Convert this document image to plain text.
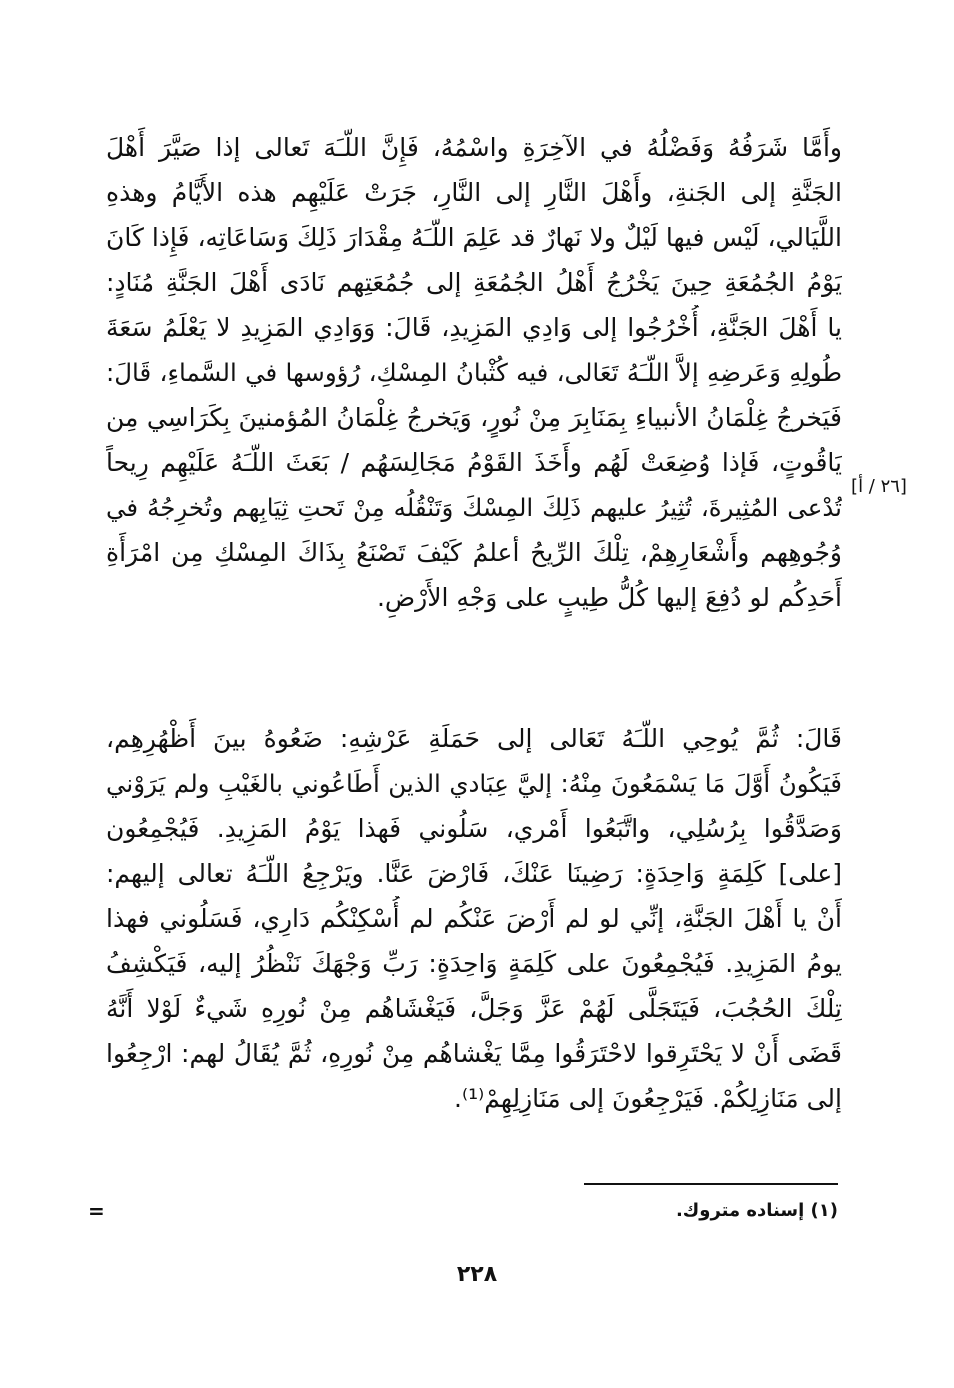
وأَمَّا شَرَفُهُ وَفَضْلُهُ في الآخِرَةِ واسْمُهُ، فَإِنَّ اللّـَهَ تَعالى إذا صَيَّرَ أَهْلَ
الجَنَّةِ إلى الجَنةِ، وأَهْلَ النَّارِ إلى النَّارِ، جَرَتْ عَلَيْهِم هذه الأَيَّامُ وهذهِ
اللَّيَالي، لَيْس فيها لَيْلٌ ولا نَهارٌ قد عَلِمَ اللّـَهُ مِقْدَارَ ذَلِكَ وَسَاعَاتِه، فَإِذا كَانَ
يَوْمُ الجُمُعَةِ حِينَ يَخْرُجُ أَهْلُ الجُمُعَةِ إلى جُمُعَتِهم نَادَى أَهْلَ الجَنَّةِ مُنَادٍ:
يا أَهْلَ الجَنَّةِ، أُخْرُجُوا إلى وَادِي المَزِيدِ، قَالَ: وَوَادِي المَزِيدِ لا يَعْلَمُ سَعَةَ
طُولِهِ وَعَرضِهِ إلاَّ اللّـَهُ تَعَالى، فيه كُثْبانُ المِسْكِ، رُؤوسها في السَّماءِ، قَالَ:
فَيَخرجُ غِلْمَانُ الأنبياءِ بِمَنَابِرَ مِنْ نُورٍ، وَيَخرجُ غِلْمَانُ المُؤمنينَ بِكَرَاسِي مِن
يَاقُوتٍ، فَإذا وُضِعَتْ لَهُم وأَخَذَ القَوْمُ مَجَالِسَهُم / بَعَثَ اللّـَهُ عَلَيْهِم رِيحاً
تُدْعى المُثِيرةَ، تُثِيرُ عليهم ذَلِكَ المِسْكَ وَتَنْقُلُه مِنْ تَحتِ ثِيَابِهم وتُخرِجُهُ في
وُجُوهِهم وأَشْعَارِهِمْ، تِلْكَ الرِّيحُ أعلمُ كَيْفَ تَصْنَعُ بِذَاكَ المِسْكِ مِن امْرَأَةِ
أَحَدِكُم لو دُفِعَ إليها كُلُّ طِيبٍ على وَجْهِ الأَرْضِ.
[٢٦ / أ]
قَالَ: ثُمَّ يُوحِي اللّـَهُ تَعَالى إلى حَمَلَةِ عَرْشِهِ: ضَعُوهُ بينَ أَظْهُرِهِم،
فَيَكُونُ أَوَّلَ مَا يَسْمَعُونَ مِنْهُ: إليَّ عِبَادي الذين أَطَاعُوني بالغَيْبِ ولم يَرَوْني
وَصَدَّقُوا بِرُسُلِي، واتَّبَعُوا أَمْري، سَلُوني فَهذا يَوْمُ المَزِيدِ. فَيُجْمِعُون
[على] كَلِمَةٍ وَاحِدَةٍ: رَضِينَا عَنْكَ، فَارْضَ عَنَّا. ويَرْجِعُ اللّـَهُ تعالى إليهم:
أَنْ يا أَهْلَ الجَنَّةِ، إنِّي لو لم أَرْضَ عَنْكُم لم أُسْكِنْكُم دَارِي، فَسَلُوني فهذا
يومُ المَزِيدِ. فَيُجْمِعُونَ على كَلِمَةٍ وَاحِدَةٍ: رَبِّ وَجْهَكَ نَنْظُرُ إليه، فَيَكْشِفُ
تِلْكَ الحُجُبَ، فَيَتَجَلَّى لَهُمْ عَزَّ وَجَلَّ، فَيَغْشَاهُم مِنْ نُورِهِ شَيءٌ لَوْلا أَنَّهُ
قَضَى أَنْ لا يَحْتَرِقوا لاحْتَرَقُوا مِمَّا يَغْشاهُم مِنْ نُورِهِ، ثُمَّ يُقَالُ لهم: ارْجِعُوا
إلى مَنَازِلِكُمْ. فَيَرْجِعُونَ إلى مَنَازِلِهِمْ⁽¹⁾.
(١) إسناده متروك.
=
٢٢٨
